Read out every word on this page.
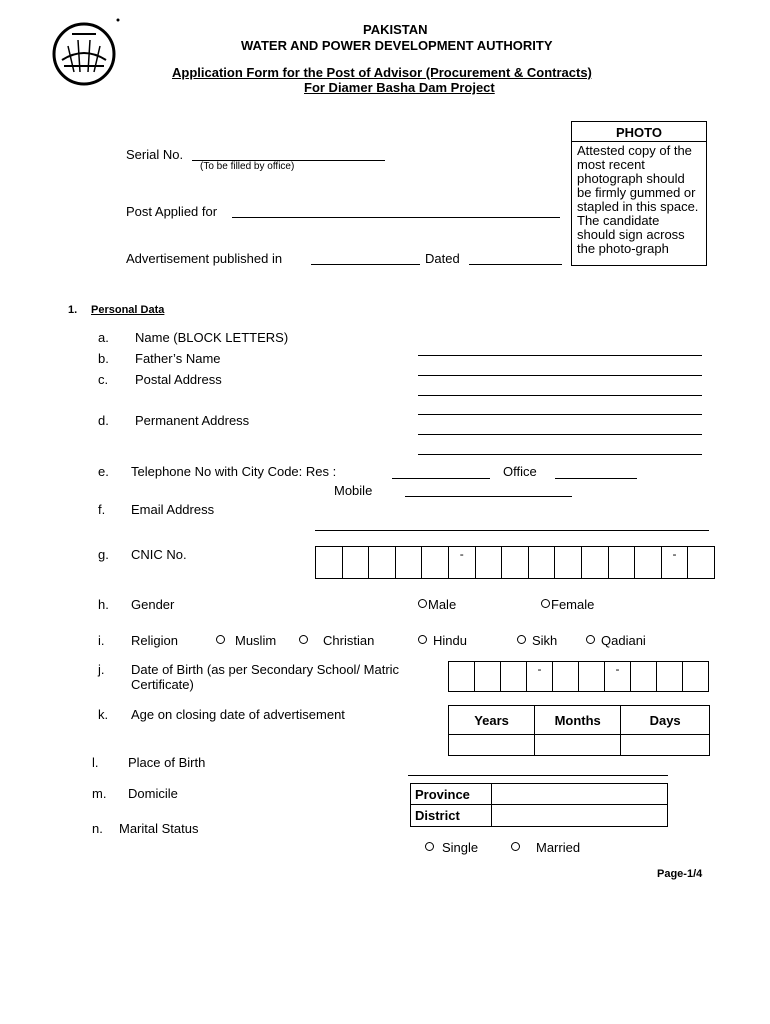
PAKISTAN
WATER AND POWER DEVELOPMENT AUTHORITY
Application Form for the Post of Advisor (Procurement & Contracts)
For Diamer Basha Dam Project
PHOTO
Attested copy of the most recent photograph should be firmly gummed or stapled in this space. The candidate should sign across the photo-graph
Serial No.
(To be filled by office)
Post Applied for
Advertisement published in	Dated
1. Personal Data
a. Name (BLOCK LETTERS)
b. Father’s Name
c. Postal Address
d. Permanent Address
e. Telephone No with City Code: Res :	Office
Mobile
f. Email Address
g. CNIC No.	-	-
h. Gender	Male	Female
i. Religion	Muslim	Christian	Hindu	Sikh	Qadiani
j. Date of Birth (as per Secondary School/ Matric
Certificate)
-	-
k. Age on closing date of advertisement	Years	Months	Days

l. Place of Birth
m. Domicile	Province	
District	
n. Marital Status
Single	Married
Page-1/4
